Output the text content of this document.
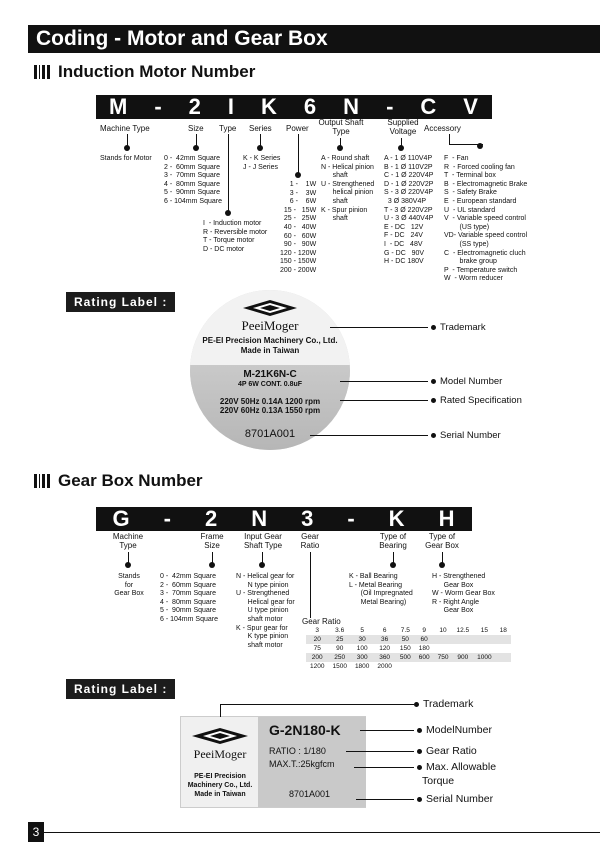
Coding - Motor and Gear Box
Induction Motor Number
M - 2 I K 6 N - C V
Machine Type	Size Type Series Power
Output Shaft Type
Supplied Voltage Accessory
Stands for Motor 0 -  42mm Square
2 -  60mm Square
3 -  70mm Square
4 -  80mm Square
5 -  90mm Square
6 - 104mm Square
K - K Series
J - J Series
1 -    1W
3 -    3W
6 -    6W
15 -   15W
25 -   25W
40 -   40W
60 -   60W
90 -   90W
120 - 120W
150 - 150W
200 - 200W
I  - Induction motor
R - Reversible motor
T - Torque motor
D - DC motor
A - Round shaft
N - Helical pinion
shaft
U - Strengthened
helical pinion
shaft
K - Spur pinion
shaft
A - 1 Ø 110V4P
B - 1 Ø 110V2P
C - 1 Ø 220V4P
D - 1 Ø 220V2P
S - 3 Ø 220V4P
3 Ø 380V4P
T - 3 Ø 220V2P
U - 3 Ø 440V4P
E - DC   12V
F - DC   24V
I  - DC   48V
G - DC   90V
H - DC 180V
F  - Fan
R  - Forced cooling fan
T  - Terminal box
B  - Electromagnetic Brake
S  - Safety Brake
E  - European standard
U  - UL standard
V  - Variable speed control
(US type)
VD- Variable speed control
(SS type)
C  - Electromagnetic cluch
brake group
P  - Temperature switch
W  - Worm reducer
Rating Label :
PeeiMoger
PE-EI Precision Machinery Co., Ltd.
Made in Taiwan
M-21K6N-C
4P 6W CONT. 0.8uF
220V 50Hz 0.14A 1200 rpm
220V 60Hz 0.13A 1550 rpm
8701A001
Trademark
Model Number
Rated Specification
Serial Number
Gear Box Number
G - 2 N 3 - K H
Machine Type
Frame Size
Input Gear Shaft Type
Gear Ratio
Type of Bearing
Type of Gear Box
Stands
for
Gear Box
0 -  42mm Square
2 -  60mm Square
3 -  70mm Square
4 -  80mm Square
5 -  90mm Square
6 - 104mm Square
N - Helical gear for
N type pinion
U - Strengthened
Helical gear for
U type pinion
shaft motor
K - Spur gear for
K type pinion
shaft motor
K - Ball Bearing
L - Metal Bearing
(Oil Impregnated
Metal Bearing)
H - Strengthened
Gear Box
W - Worm Gear Box
R - Right Angle
Gear Box
Gear Ratio
3	3.6	5	6	7.5	9	10	12.5	15	18
20	25	30	36	50	60				
75	90	100	120	150	180				
200	250	300	360	500	600	750	900	1000	
1200	1500	1800	2000						
Rating Label :
PeeiMoger
PE-EI Precision
Machinery Co., Ltd.
Made in Taiwan
G-2N180-K
RATIO : 1/180
MAX.T.:25kgfcm
8701A001
Trademark
ModelNumber
Gear Ratio
Max. Allowable
Torque
Serial Number
3
